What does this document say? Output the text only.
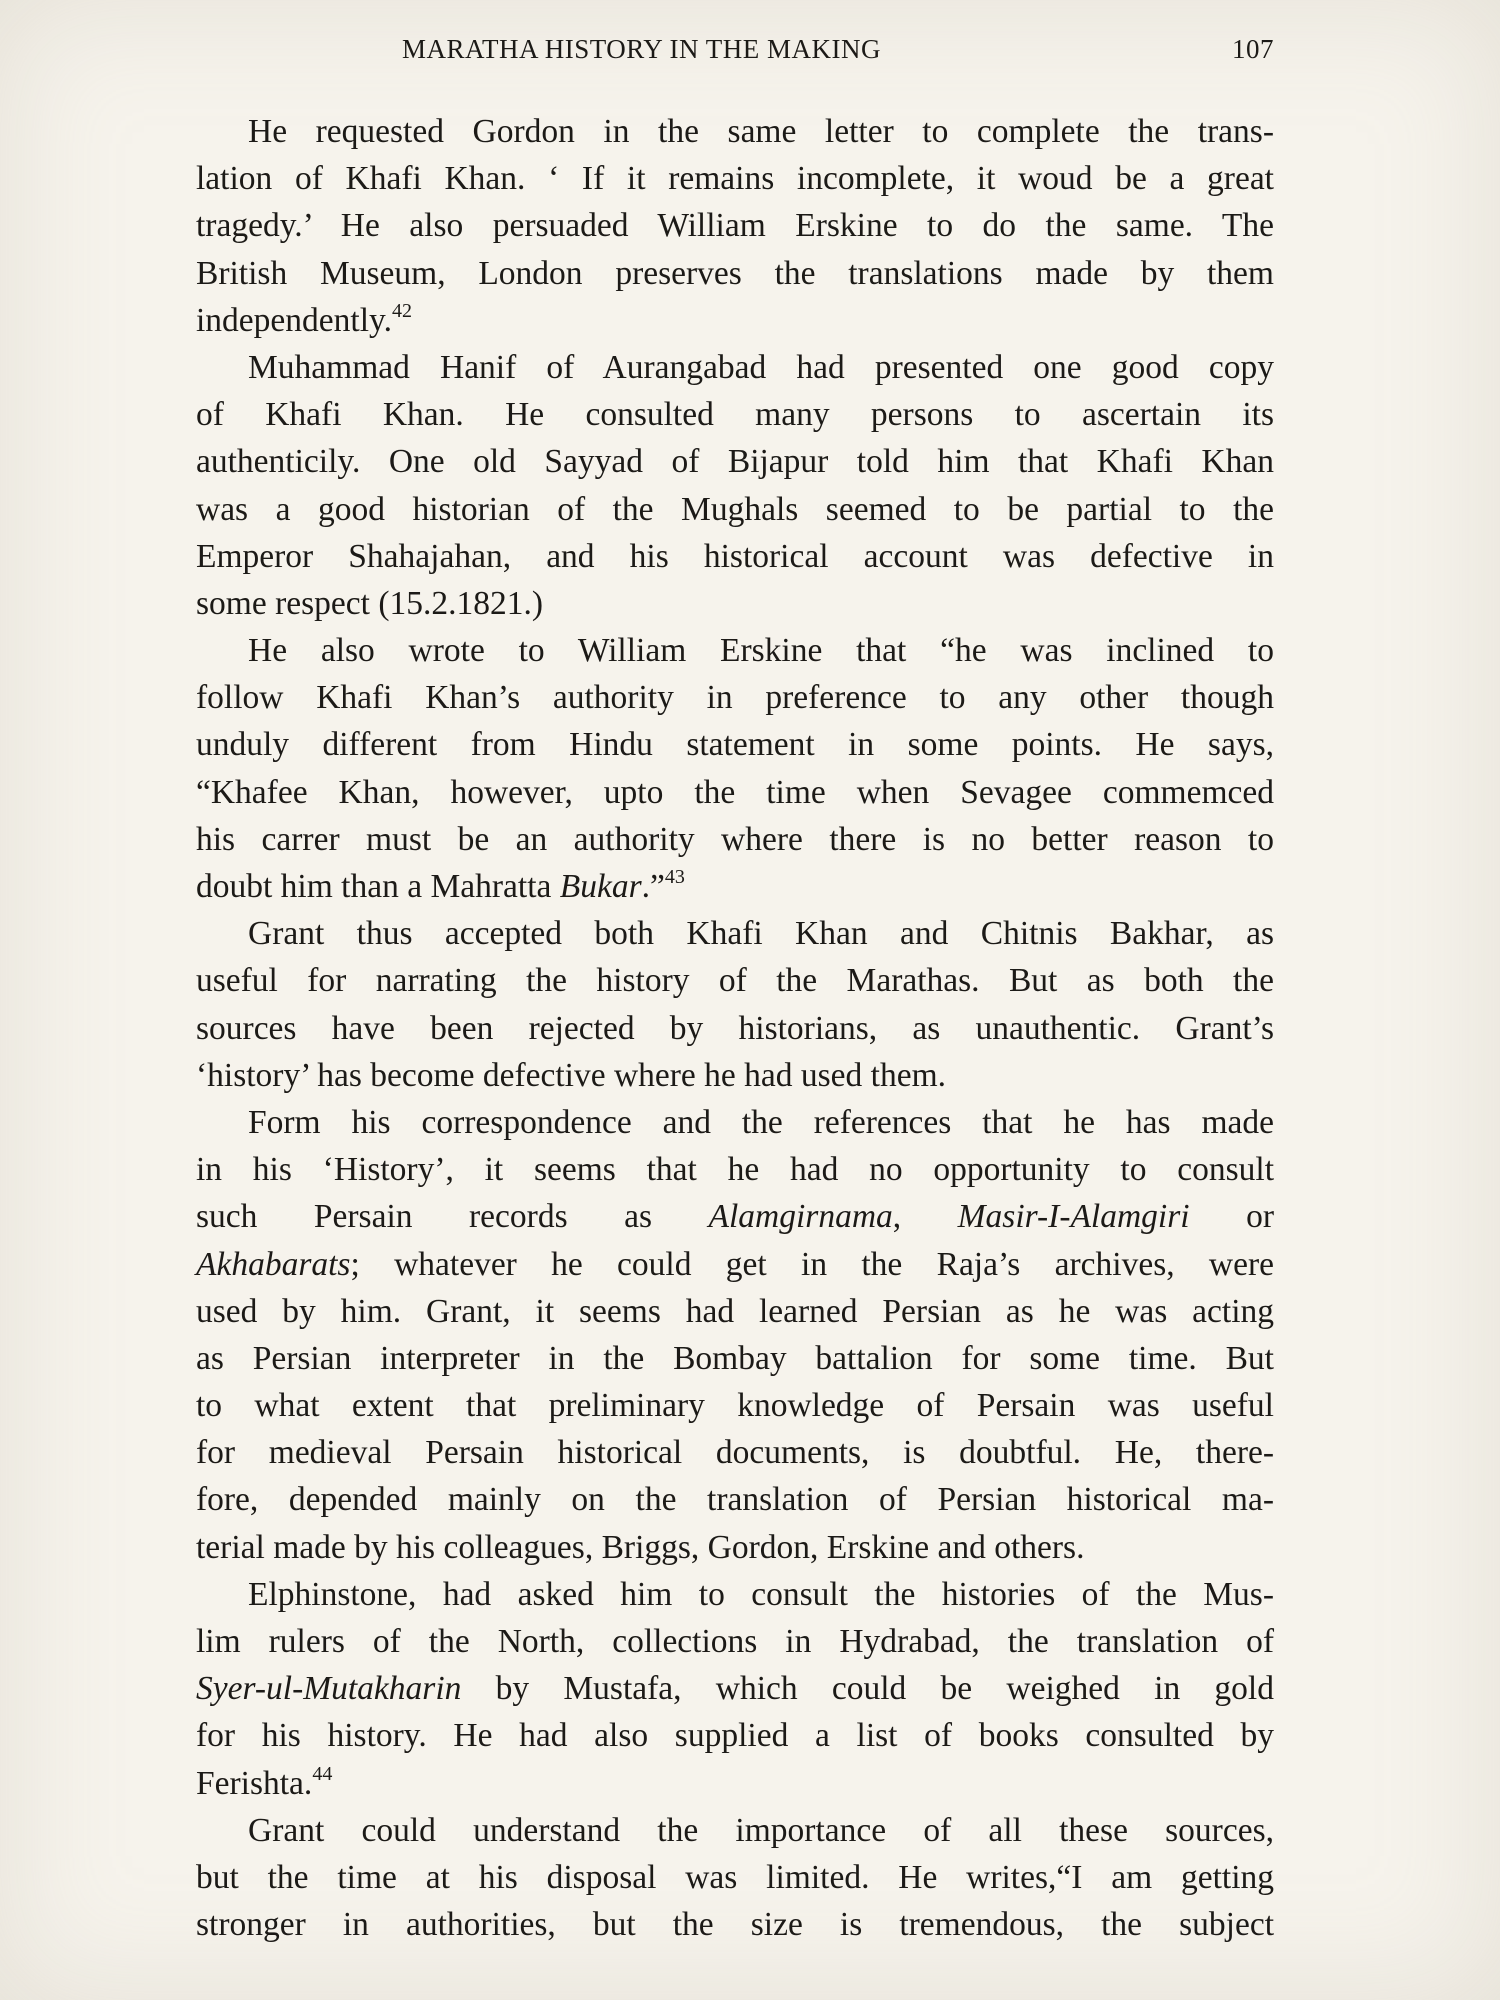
MARATHA HISTORY IN THE MAKING	107
He requested Gordon in the same letter to complete the trans-
lation of Khafi Khan. ‘ If it remains incomplete, it woud be a great
tragedy.’ He also persuaded William Erskine to do the same. The
British Museum, London preserves the translations made by them
independently.$^{42}$
Muhammad Hanif of Aurangabad had presented one good copy
of Khafi Khan. He consulted many persons to ascertain its
authenticily. One old Sayyad of Bijapur told him that Khafi Khan
was a good historian of the Mughals seemed to be partial to the
Emperor Shahajahan, and his historical account was defective in
some respect (15.2.1821.)
He also wrote to William Erskine that “he was inclined to
follow Khafi Khan’s authority in preference to any other though
unduly different from Hindu statement in some points. He says,
“Khafee Khan, however, upto the time when Sevagee commemced
his carrer must be an authority where there is no better reason to
doubt him than a Mahratta Bukar.”$^{43}$
Grant thus accepted both Khafi Khan and Chitnis Bakhar, as
useful for narrating the history of the Marathas. But as both the
sources have been rejected by historians, as unauthentic. Grant’s
‘history’ has become defective where he had used them.
Form his correspondence and the references that he has made
in his ‘History’, it seems that he had no opportunity to consult
such Persain records as Alamgirnama, Masir-I-Alamgiri or
Akhabarats; whatever he could get in the Raja’s archives, were
used by him. Grant, it seems had learned Persian as he was acting
as Persian interpreter in the Bombay battalion for some time. But
to what extent that preliminary knowledge of Persain was useful
for medieval Persain historical documents, is doubtful. He, there-
fore, depended mainly on the translation of Persian historical ma-
terial made by his colleagues, Briggs, Gordon, Erskine and others.
Elphinstone, had asked him to consult the histories of the Mus-
lim rulers of the North, collections in Hydrabad, the translation of
Syer-ul-Mutakharin by Mustafa, which could be weighed in gold
for his history. He had also supplied a list of books consulted by
Ferishta.$^{44}$
Grant could understand the importance of all these sources,
but the time at his disposal was limited. He writes,“I am getting
stronger in authorities, but the size is tremendous, the subject
